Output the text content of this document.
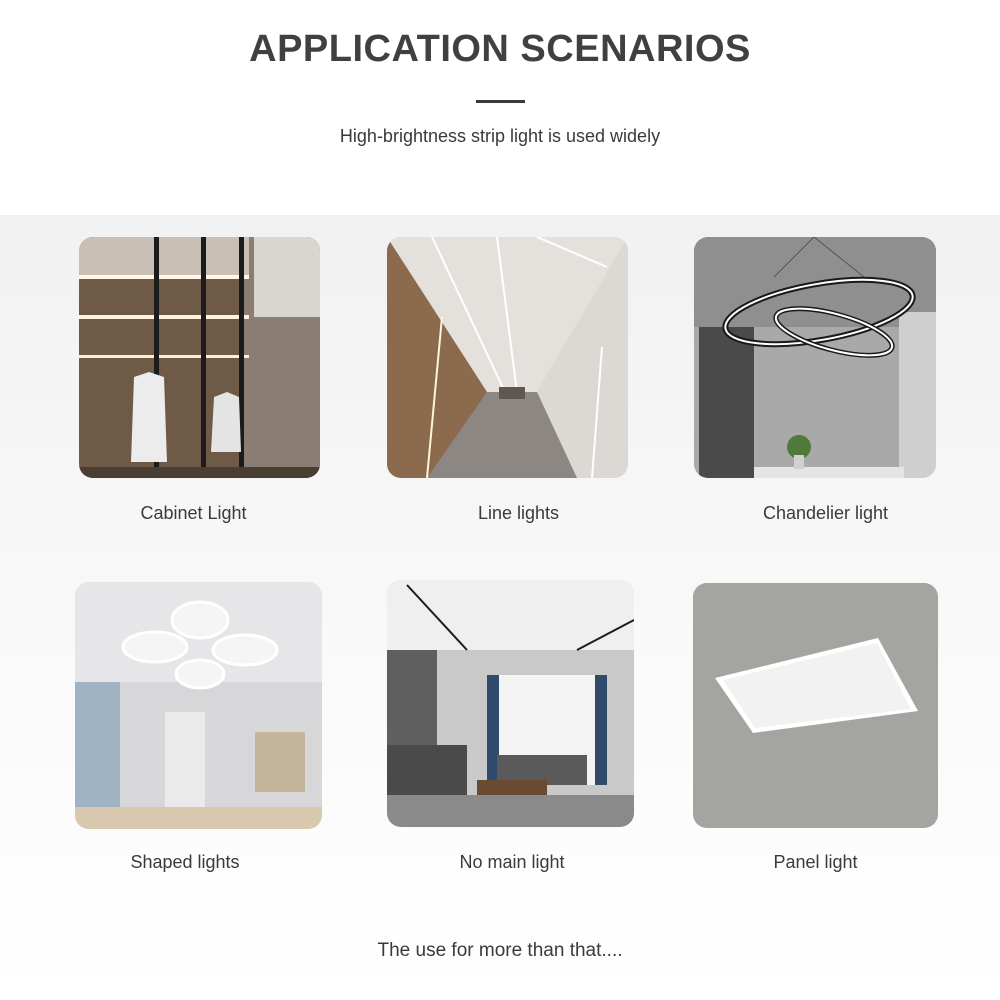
APPLICATION SCENARIOS
High-brightness strip light is used widely
Cabinet Light	Line lights	Chandelier light
Shaped lights	No main light	Panel light
The use for more than that....
